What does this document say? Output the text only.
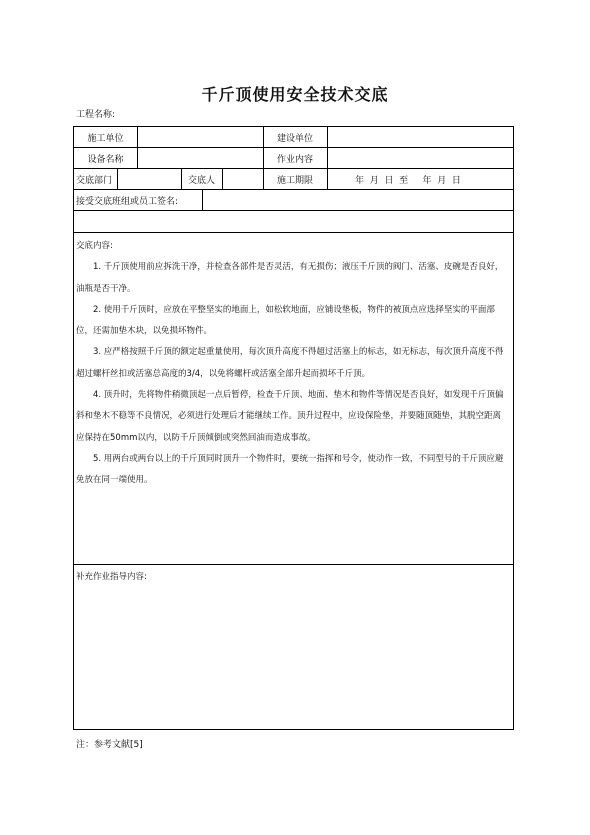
千斤顶使用安全技术交底
工程名称:
施工单位	建设单位
设备名称	作业内容
交底部门	交底人	施工期限	年  月  日  至     年  月  日
接受交底班组或员工签名:

交底内容:

1. 千斤顶使用前应拆洗干净，并检查各部件是否灵活，有无损伤；液压千斤顶的阀门、活塞、皮碗是否良好，油瓶是否干净。

2. 使用千斤顶时，应放在平整坚实的地面上，如松软地面，应铺设垫板，物件的被顶点应选择坚实的平面部位，还需加垫木块，以免损坏物件。

3. 应严格按照千斤顶的额定起重量使用，每次顶升高度不得超过活塞上的标志，如无标志，每次顶升高度不得超过螺杆丝扣或活塞总高度的3/4，以免将螺杆或活塞全部升起而损坏千斤顶。

4. 顶升时，先将物件稍微顶起一点后暂停，检查千斤顶、地面、垫木和物件等情况是否良好，如发现千斤顶偏斜和垫木不稳等不良情况，必须进行处理后才能继续工作。顶升过程中，应设保险垫，并要随顶随垫，其脱空距离应保持在50mm以内，以防千斤顶倾倒或突然回油而造成事故。

5. 用两台或两台以上的千斤顶同时顶升一个物件时，要统一指挥和号令，使动作一致，不同型号的千斤顶应避免放在同一端使用。

补充作业指导内容:
注：参考文献[5]
